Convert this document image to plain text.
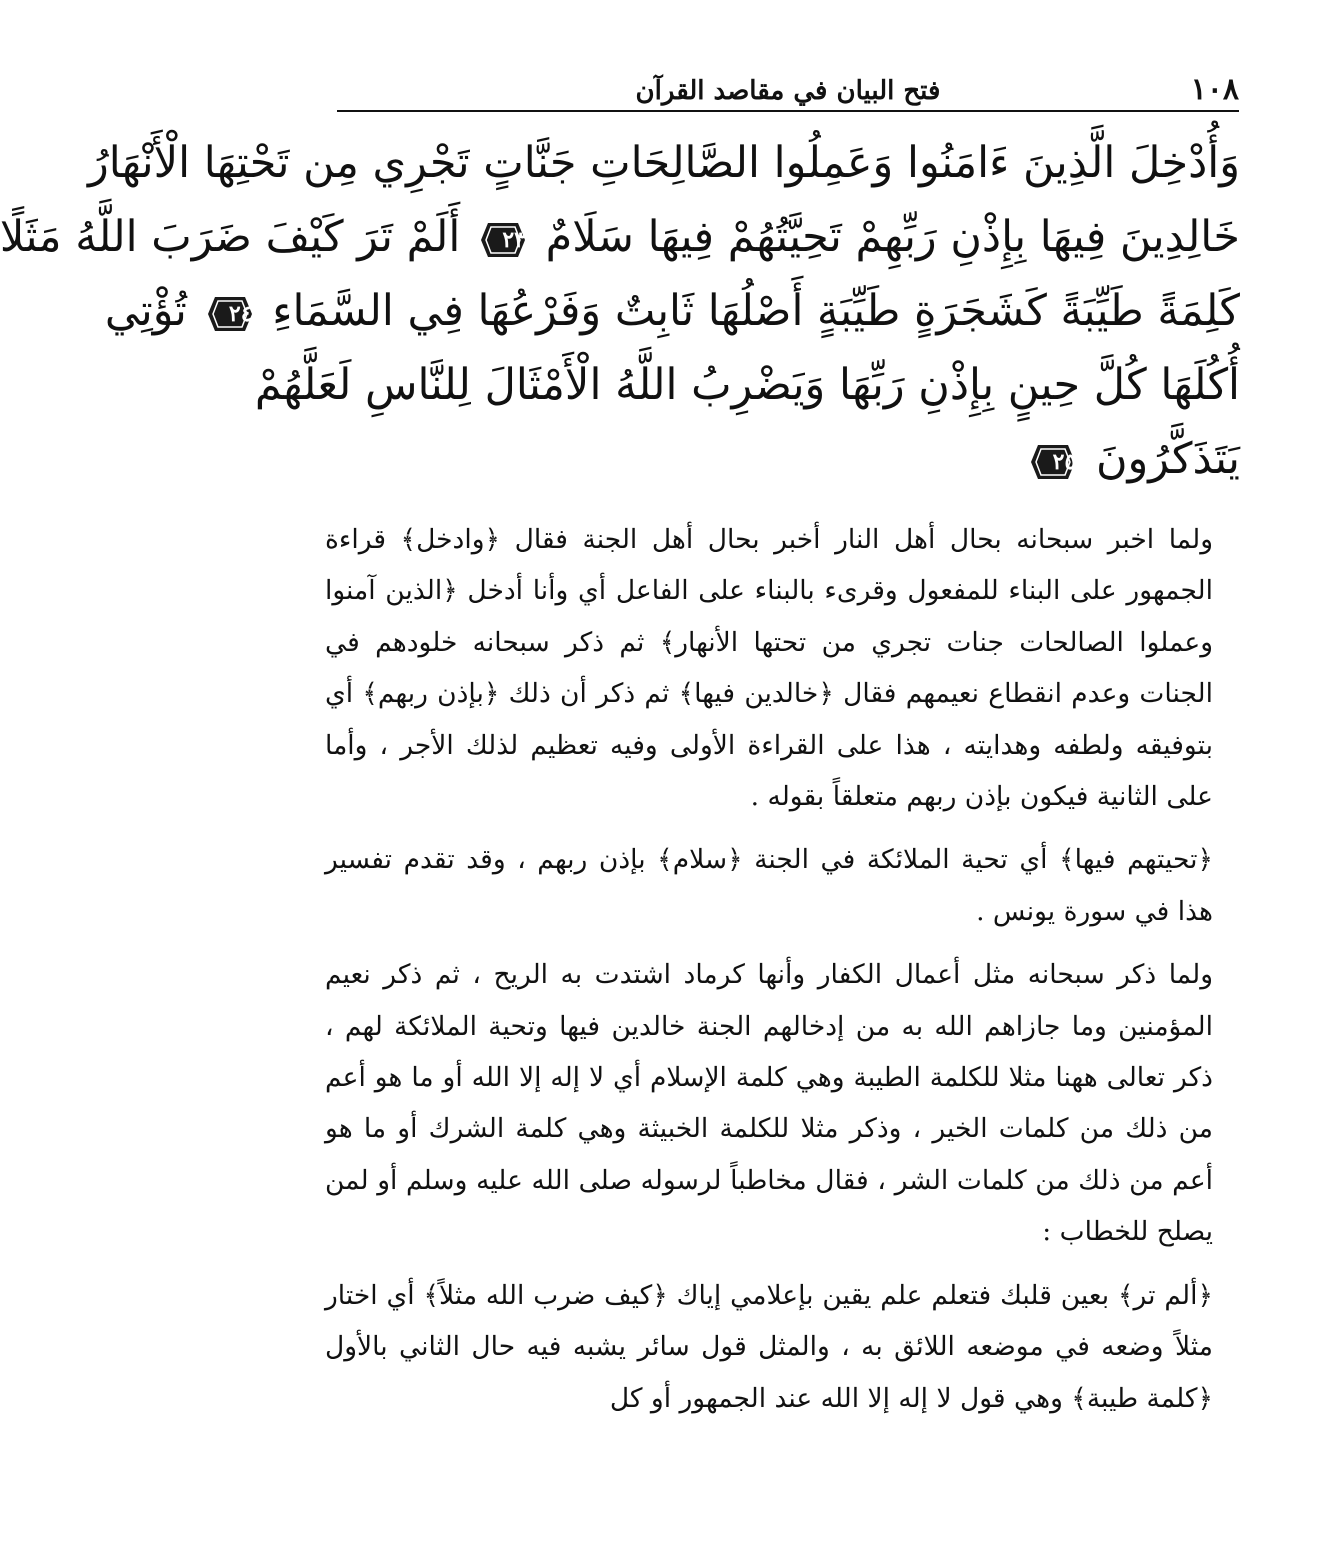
١٠٨
فتح البيان في مقاصد القرآن
وَأُدْخِلَ الَّذِينَ ءَامَنُوا وَعَمِلُوا الصَّالِحَاتِ جَنَّاتٍ تَجْرِي مِن تَحْتِهَا الْأَنْهَارُ
خَالِدِينَ فِيهَا بِإِذْنِ رَبِّهِمْ تَحِيَّتُهُمْ فِيهَا سَلَامٌ
٢٣
أَلَمْ تَرَ كَيْفَ ضَرَبَ اللَّهُ مَثَلًا
كَلِمَةً طَيِّبَةً كَشَجَرَةٍ طَيِّبَةٍ أَصْلُهَا ثَابِتٌ وَفَرْعُهَا فِي السَّمَاءِ
٢٤
تُؤْتِي
أُكُلَهَا كُلَّ حِينٍ بِإِذْنِ رَبِّهَا وَيَضْرِبُ اللَّهُ الْأَمْثَالَ لِلنَّاسِ لَعَلَّهُمْ
يَتَذَكَّرُونَ
٢٥

ولما اخبر سبحانه بحال أهل النار أخبر بحال أهل الجنة فقال ﴿وادخل﴾ قراءة الجمهور على البناء للمفعول وقرىء بالبناء على الفاعل أي وأنا أدخل ﴿الذين آمنوا وعملوا الصالحات جنات تجري من تحتها الأنهار﴾ ثم ذكر سبحانه خلودهم في الجنات وعدم انقطاع نعيمهم فقال ﴿خالدين فيها﴾ ثم ذكر أن ذلك ﴿بإذن ربهم﴾ أي بتوفيقه ولطفه وهدايته ، هذا على القراءة الأولى وفيه تعظيم لذلك الأجر ، وأما على الثانية فيكون بإذن ربهم متعلقاً بقوله .

﴿تحيتهم فيها﴾ أي تحية الملائكة في الجنة ﴿سلام﴾ بإذن ربهم ، وقد تقدم تفسير هذا في سورة يونس .

ولما ذكر سبحانه مثل أعمال الكفار وأنها كرماد اشتدت به الريح ، ثم ذكر نعيم المؤمنين وما جازاهم الله به من إدخالهم الجنة خالدين فيها وتحية الملائكة لهم ، ذكر تعالى ههنا مثلا للكلمة الطيبة وهي كلمة الإسلام أي لا إله إلا الله أو ما هو أعم من ذلك من كلمات الخير ، وذكر مثلا للكلمة الخبيثة وهي كلمة الشرك أو ما هو أعم من ذلك من كلمات الشر ، فقال مخاطباً لرسوله صلى الله عليه وسلم أو لمن يصلح للخطاب :

﴿ألم تر﴾ بعين قلبك فتعلم علم يقين بإعلامي إياك ﴿كيف ضرب الله مثلاً﴾ أي اختار مثلاً وضعه في موضعه اللائق به ، والمثل قول سائر يشبه فيه حال الثاني بالأول ﴿كلمة طيبة﴾ وهي قول لا إله إلا الله عند الجمهور أو كل
